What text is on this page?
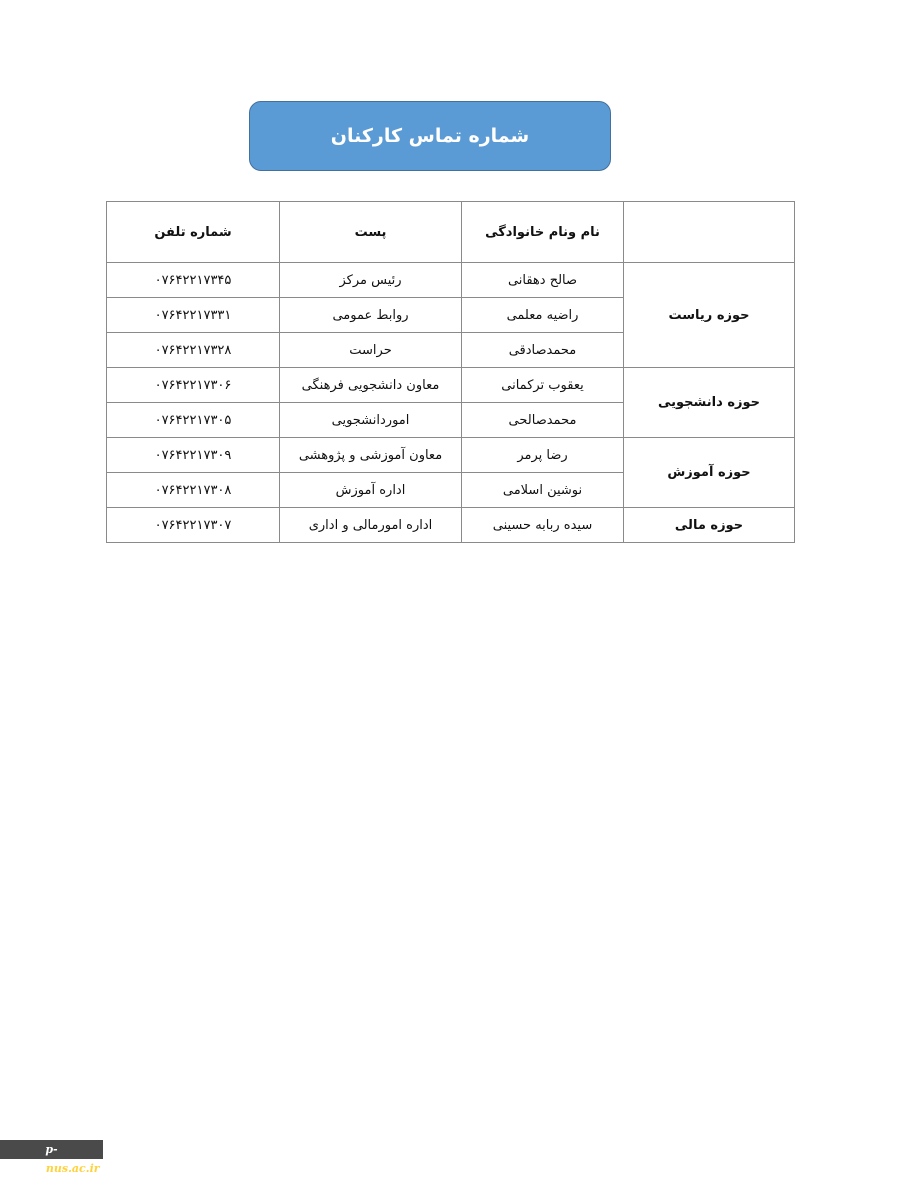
شماره تماس کارکنان
	نام ونام خانوادگی	پست	شماره تلفن
حوزه ریاست	صالح دهقانی	رئیس مرکز	۰۷۶۴۲۲۱۷۳۴۵
	راضیه معلمی	روابط عمومی	۰۷۶۴۲۲۱۷۳۳۱
	محمدصادقی	حراست	۰۷۶۴۲۲۱۷۳۲۸
حوزه دانشجویی	یعقوب ترکمانی	معاون دانشجویی فرهنگی	۰۷۶۴۲۲۱۷۳۰۶
	محمدصالحی	اموردانشجویی	۰۷۶۴۲۲۱۷۳۰۵
حوزه آموزش	رضا پرمر	معاون آموزشی و پژوهشی	۰۷۶۴۲۲۱۷۳۰۹
	نوشین اسلامی	اداره آموزش	۰۷۶۴۲۲۱۷۳۰۸
حوزه مالی	سیده ربابه حسینی	اداره امورمالی و اداری	۰۷۶۴۲۲۱۷۳۰۷
p-minab.nus.ac.ir
